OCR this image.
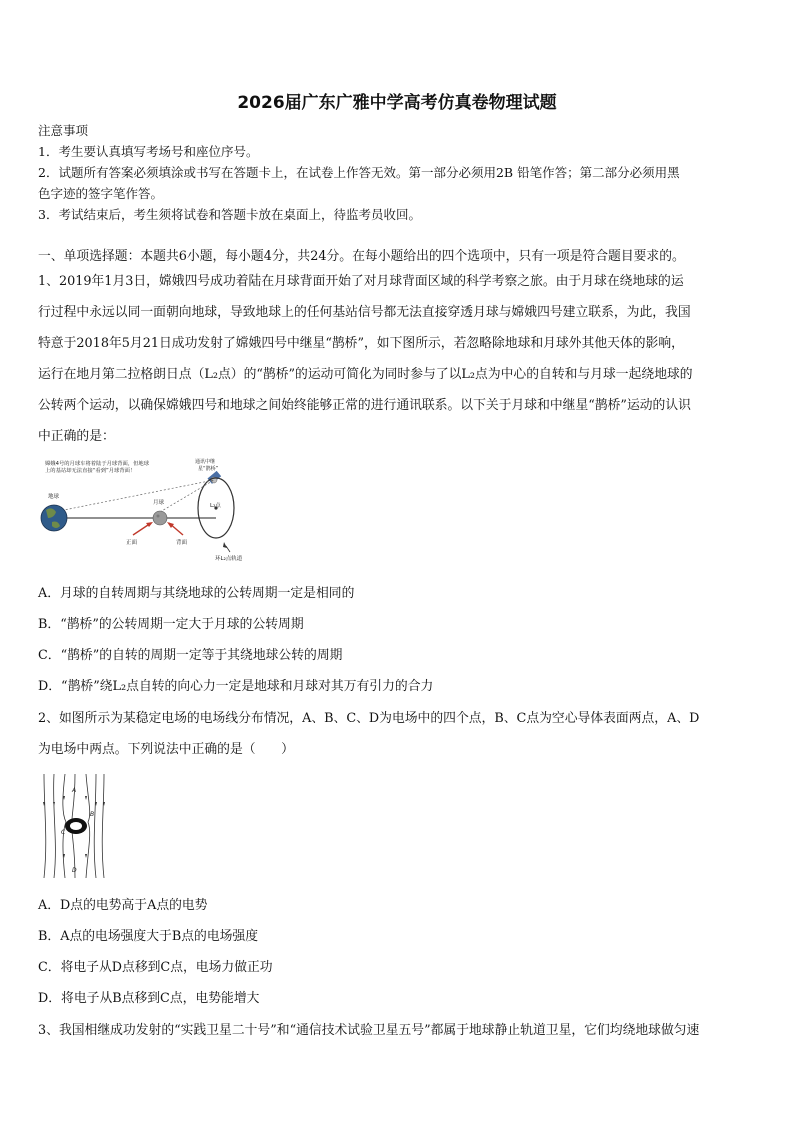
2026届广东广雅中学高考仿真卷物理试题
注意事项
1．考生要认真填写考场号和座位序号。
2．试题所有答案必须填涂或书写在答题卡上，在试卷上作答无效。第一部分必须用2B 铅笔作答；第二部分必须用黑
色字迹的签字笔作答。
3．考试结束后，考生须将试卷和答题卡放在桌面上，待监考员收回。
一、单项选择题：本题共6小题，每小题4分，共24分。在每小题给出的四个选项中，只有一项是符合题目要求的。
1、2019年1月3日，嫦娥四号成功着陆在月球背面开始了对月球背面区域的科学考察之旅。由于月球在绕地球的运
行过程中永远以同一面朝向地球，导致地球上的任何基站信号都无法直接穿透月球与嫦娥四号建立联系，为此，我国
特意于2018年5月21日成功发射了嫦娥四号中继星“鹊桥”，如下图所示，若忽略除地球和月球外其他天体的影响，
运行在地月第二拉格朗日点（L₂点）的“鹊桥”的运动可简化为同时参与了以L₂点为中心的自转和与月球一起绕地球的
公转两个运动，以确保嫦娥四号和地球之间始终能够正常的进行通讯联系。以下关于月球和中继星“鹊桥”运动的认识
中正确的是：
嫦娥4号的月球车将着陆于月球背面，但地球
上的基站却无法直接“看到”月球背面！
通讯中继
星“鹊桥”
L₂点
地球
月球
正面	背面
环L₂点轨道
A．月球的自转周期与其绕地球的公转周期一定是相同的
B．“鹊桥”的公转周期一定大于月球的公转周期
C．“鹊桥”的自转的周期一定等于其绕地球公转的周期
D．“鹊桥”绕L₂点自转的向心力一定是地球和月球对其万有引力的合力
2、如图所示为某稳定电场的电场线分布情况，A、B、C、D为电场中的四个点，B、C点为空心导体表面两点，A、D
为电场中两点。下列说法中正确的是（　　）
A
B
C
D
A．D点的电势高于A点的电势
B．A点的电场强度大于B点的电场强度
C．将电子从D点移到C点，电场力做正功
D．将电子从B点移到C点，电势能增大
3、我国相继成功发射的“实践卫星二十号”和“通信技术试验卫星五号”都属于地球静止轨道卫星，它们均绕地球做匀速
